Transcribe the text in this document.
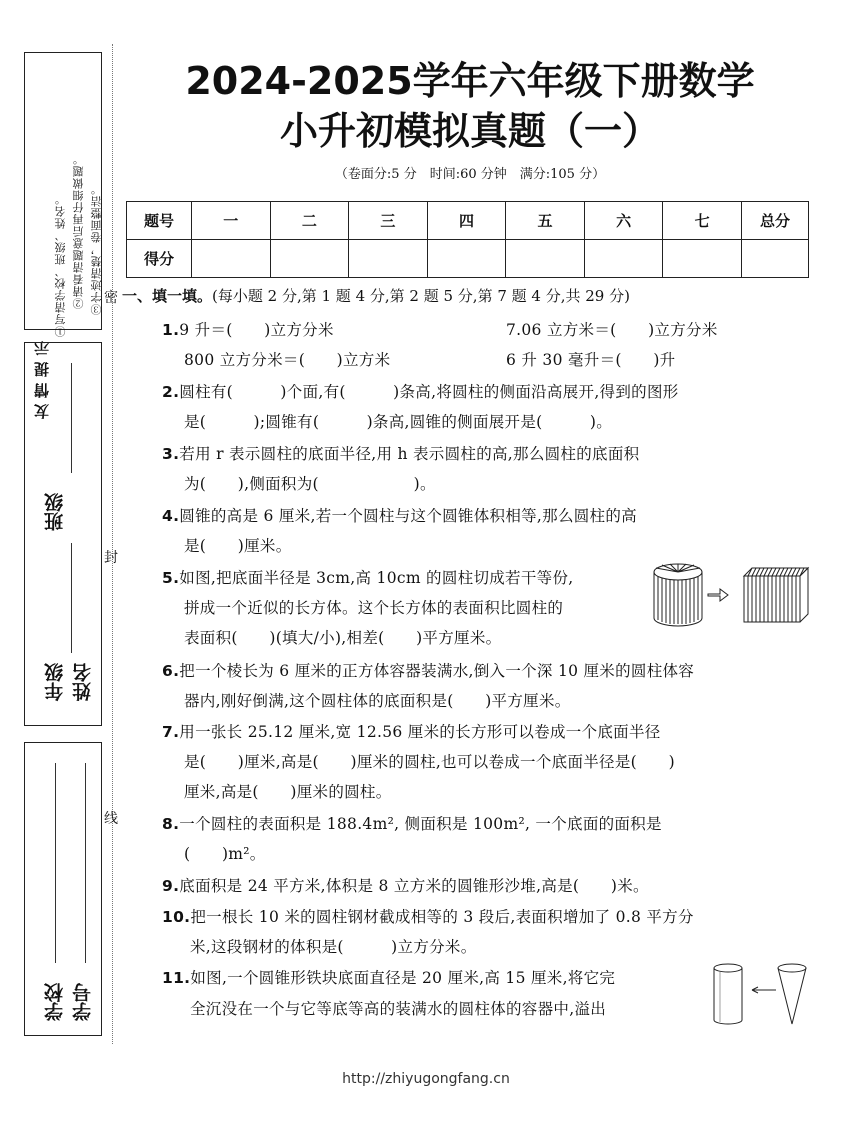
友情提示
①写清学校、班级、姓名。 ②请看清题意后再仔细做题。 ③字迹清楚，卷面整洁。
班级
年级 姓名
学校 学号
密
封
线
2024-2025学年六年级下册数学
小升初模拟真题（一）
（卷面分:5 分　时间:60 分钟　满分:105 分）
题号	一	二	三	四	五	六	七	总分
得分								
一、填一填。(每小题 2 分,第 1 题 4 分,第 2 题 5 分,第 7 题 4 分,共 29 分)
1.9 升＝(　　)立方分米	7.06 立方米＝(　　)立方分米
800 立方分米＝(　　)立方米	6 升 30 毫升＝(　　)升
2.圆柱有(　　　)个面,有(　　　)条高,将圆柱的侧面沿高展开,得到的图形
是(　　　);圆锥有(　　　)条高,圆锥的侧面展开是(　　　)。
3.若用 r 表示圆柱的底面半径,用 h 表示圆柱的高,那么圆柱的底面积
为(　　),侧面积为(　　　　　　)。
4.圆锥的高是 6 厘米,若一个圆柱与这个圆锥体积相等,那么圆柱的高
是(　　)厘米。
5.如图,把底面半径是 3cm,高 10cm 的圆柱切成若干等份,
拼成一个近似的长方体。这个长方体的表面积比圆柱的
表面积(　　)(填大/小),相差(　　)平方厘米。
6.把一个棱长为 6 厘米的正方体容器装满水,倒入一个深 10 厘米的圆柱体容
器内,刚好倒满,这个圆柱体的底面积是(　　)平方厘米。
7.用一张长 25.12 厘米,宽 12.56 厘米的长方形可以卷成一个底面半径
是(　　)厘米,高是(　　)厘米的圆柱,也可以卷成一个底面半径是(　　)
厘米,高是(　　)厘米的圆柱。
8.一个圆柱的表面积是 188.4m², 侧面积是 100m², 一个底面的面积是
(　　)m²。
9.底面积是 24 平方米,体积是 8 立方米的圆锥形沙堆,高是(　　)米。
10.把一根长 10 米的圆柱钢材截成相等的 3 段后,表面积增加了 0.8 平方分
米,这段钢材的体积是(　　　)立方分米。
11.如图,一个圆锥形铁块底面直径是 20 厘米,高 15 厘米,将它完
全沉没在一个与它等底等高的装满水的圆柱体的容器中,溢出
http://zhiyugongfang.cn
